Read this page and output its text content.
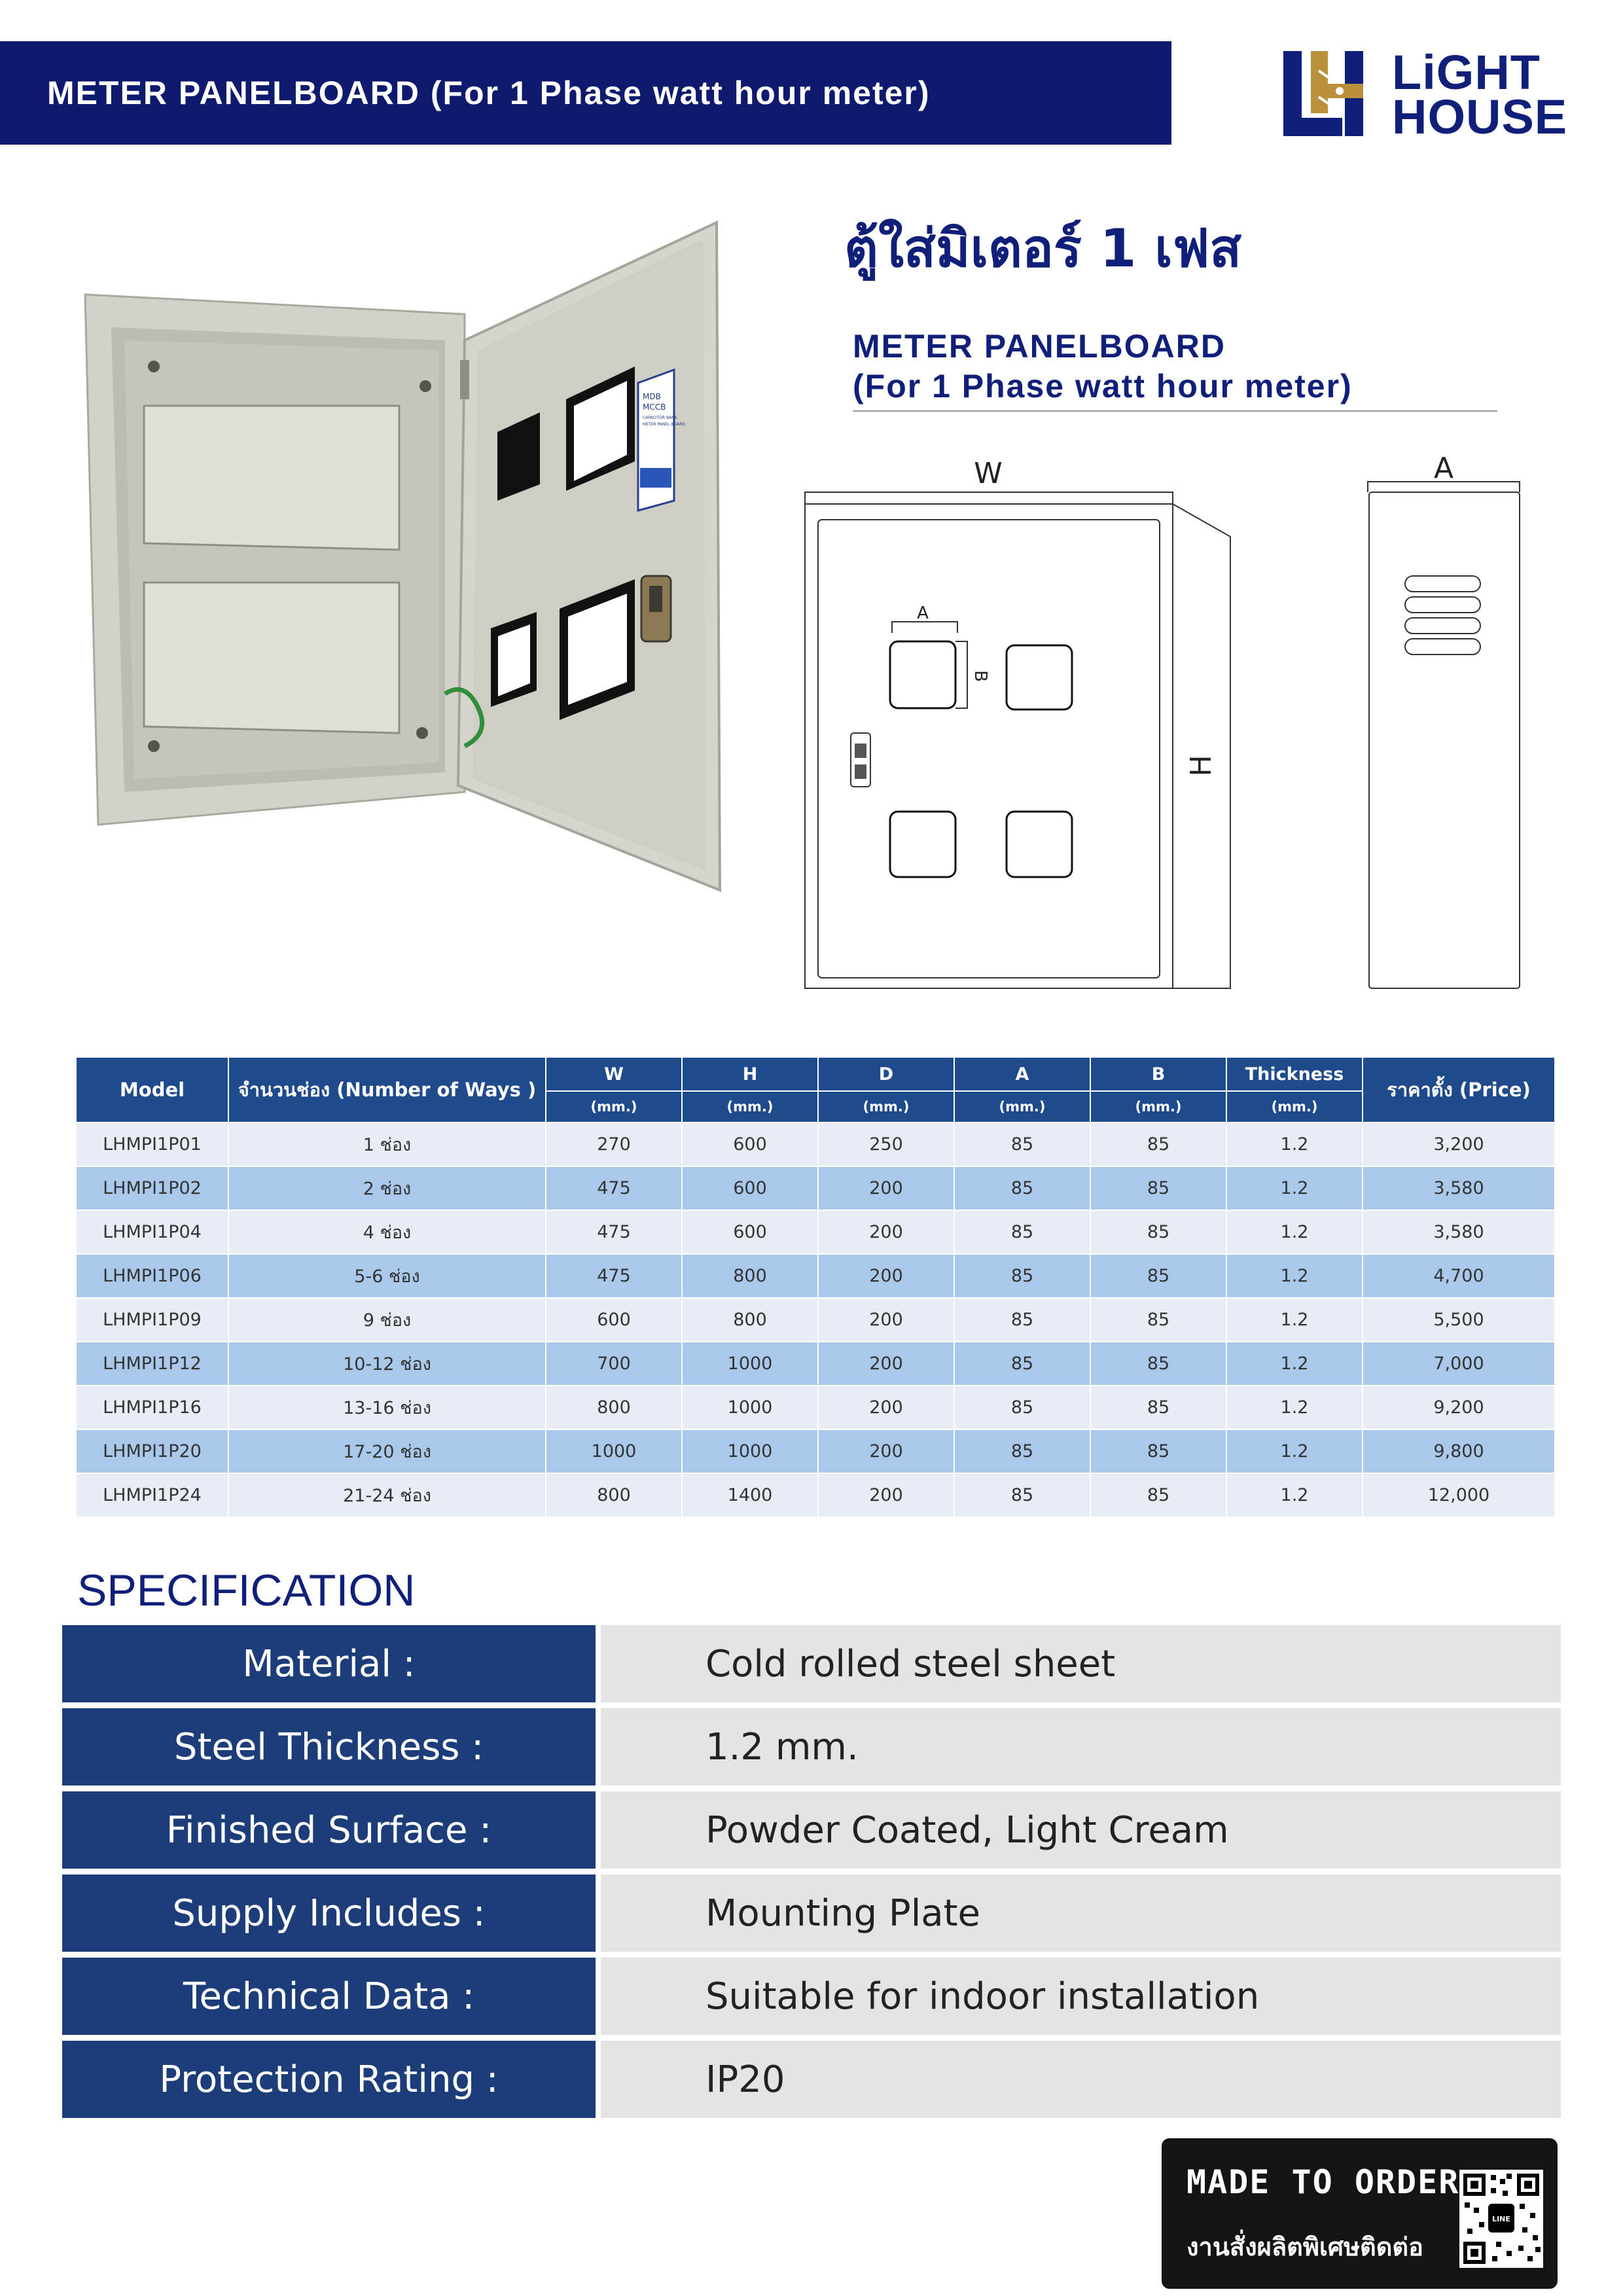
METER PANELBOARD (For 1 Phase watt hour meter)	LiGHT
HOUSE
ตู้ใส่มิเตอร์ 1 เฟส
METER PANELBOARD
(For 1 Phase watt hour meter)
MDB
MCCB
CAPACITOR BANK
METER PANEL BOARD
W
H
A
B
A
Model	จำนวนช่อง (Number of Ways )	W	H	D	A	B	Thickness	ราคาตั้ง (Price)
		(mm.)	(mm.)	(mm.)	(mm.)	(mm.)	(mm.)	
LHMPI1P01	1 ช่อง	270	600	250	85	85	1.2	3,200
LHMPI1P02	2 ช่อง	475	600	200	85	85	1.2	3,580
LHMPI1P04	4 ช่อง	475	600	200	85	85	1.2	3,580
LHMPI1P06	5-6 ช่อง	475	800	200	85	85	1.2	4,700
LHMPI1P09	9 ช่อง	600	800	200	85	85	1.2	5,500
LHMPI1P12	10-12 ช่อง	700	1000	200	85	85	1.2	7,000
LHMPI1P16	13-16 ช่อง	800	1000	200	85	85	1.2	9,200
LHMPI1P20	17-20 ช่อง	1000	1000	200	85	85	1.2	9,800
LHMPI1P24	21-24 ช่อง	800	1400	200	85	85	1.2	12,000
SPECIFICATION
Material :	Cold rolled steel sheet
Steel Thickness :	1.2 mm.
Finished Surface :	Powder Coated, Light Cream
Supply Includes :	Mounting Plate
Technical Data :	Suitable for indoor installation
Protection Rating :	IP20
MADE TO ORDER
งานสั่งผลิตพิเศษติดต่อ
LINE
